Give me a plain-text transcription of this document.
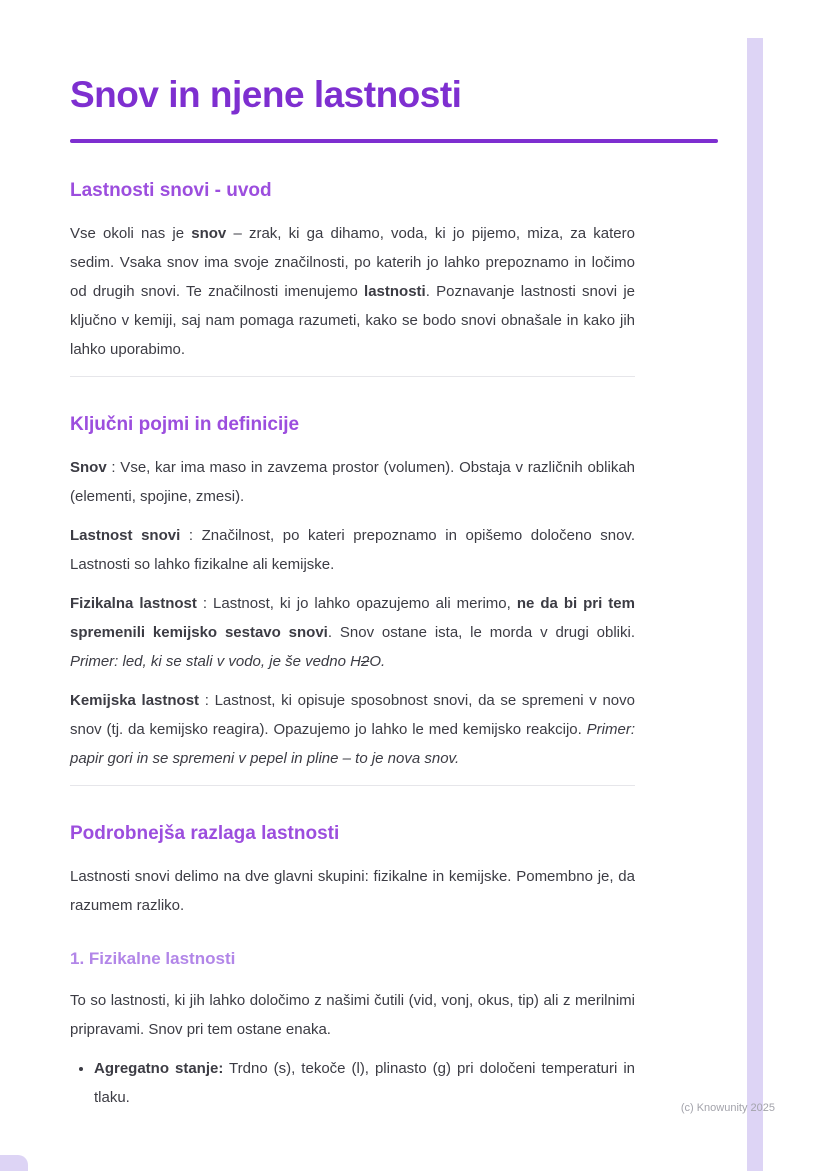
Snov in njene lastnosti
Lastnosti snovi - uvod

Vse okoli nas je snov – zrak, ki ga dihamo, voda, ki jo pijemo, miza, za katero sedim. Vsaka snov ima svoje značilnosti, po katerih jo lahko prepoznamo in ločimo od drugih snovi. Te značilnosti imenujemo lastnosti. Poznavanje lastnosti snovi je ključno v kemiji, saj nam pomaga razumeti, kako se bodo snovi obnašale in kako jih lahko uporabimo.

Ključni pojmi in definicije

Snov : Vse, kar ima maso in zavzema prostor (volumen). Obstaja v različnih oblikah (elementi, spojine, zmesi).

Lastnost snovi : Značilnost, po kateri prepoznamo in opišemo določeno snov. Lastnosti so lahko fizikalne ali kemijske.

Fizikalna lastnost : Lastnost, ki jo lahko opazujemo ali merimo, ne da bi pri tem spremenili kemijsko sestavo snovi. Snov ostane ista, le morda v drugi obliki. Primer: led, ki se stali v vodo, je še vedno H2O.

Kemijska lastnost : Lastnost, ki opisuje sposobnost snovi, da se spremeni v novo snov (tj. da kemijsko reagira). Opazujemo jo lahko le med kemijsko reakcijo. Primer: papir gori in se spremeni v pepel in pline – to je nova snov.

Podrobnejša razlaga lastnosti

Lastnosti snovi delimo na dve glavni skupini: fizikalne in kemijske. Pomembno je, da razumem razliko.

1. Fizikalne lastnosti

To so lastnosti, ki jih lahko določimo z našimi čutili (vid, vonj, okus, tip) ali z merilnimi pripravami. Snov pri tem ostane enaka.

• Agregatno stanje: Trdno (s), tekoče (l), plinasto (g) pri določeni temperaturi in tlaku.
(c) Knowunity 2025
